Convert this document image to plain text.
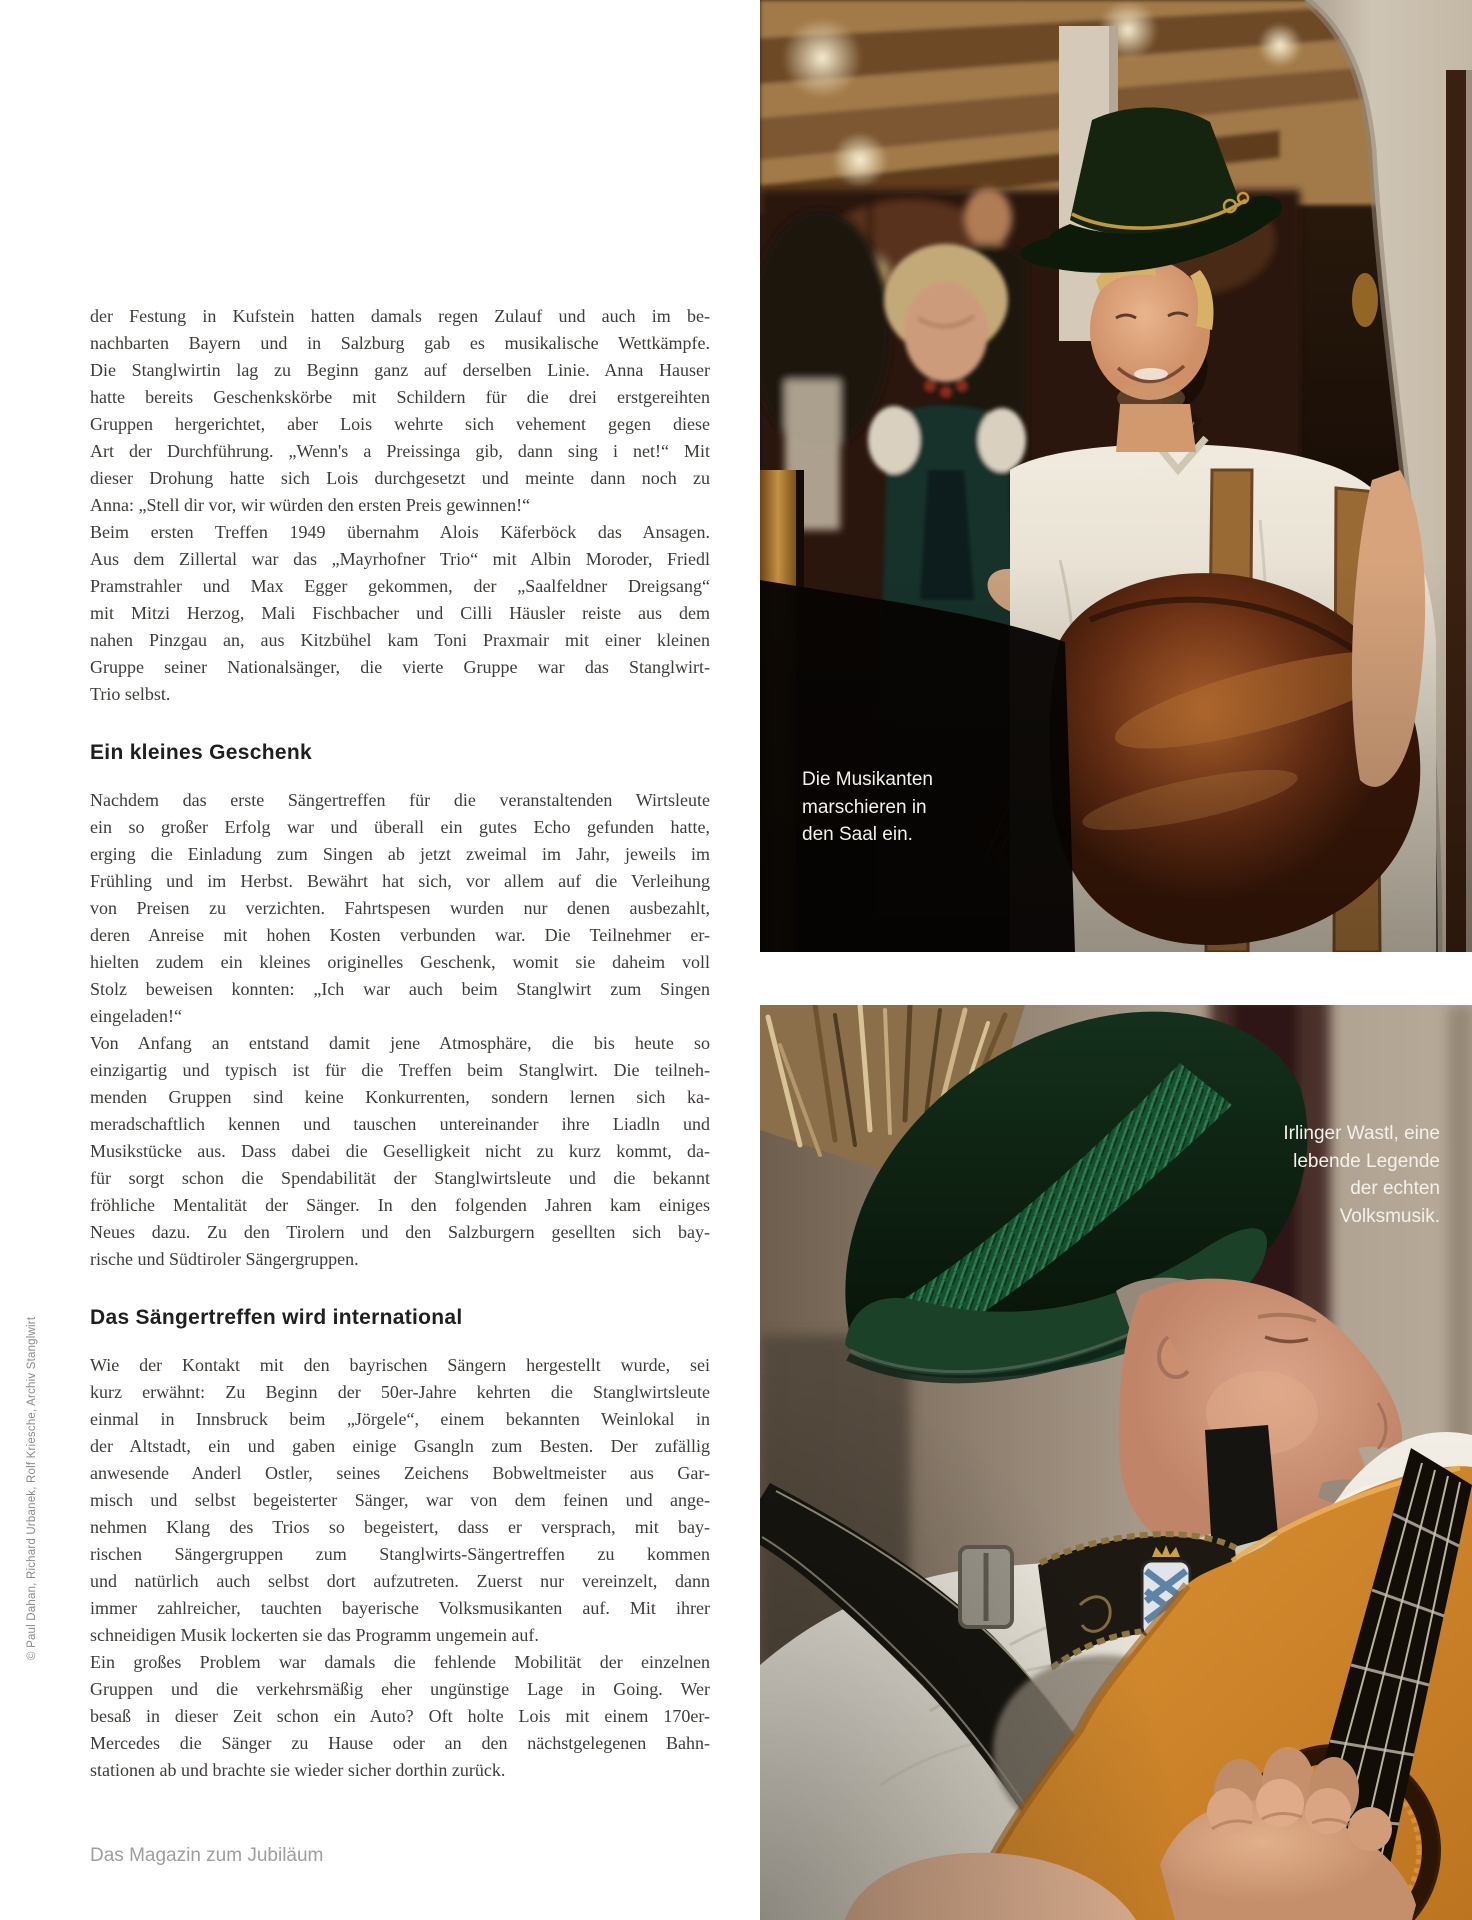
der Festung in Kufstein hatten damals regen Zulauf und auch im be-
nachbarten Bayern und in Salzburg gab es musikalische Wettkämpfe.
Die Stanglwirtin lag zu Beginn ganz auf derselben Linie. Anna Hauser
hatte bereits Geschenkskörbe mit Schildern für die drei erstgereihten
Gruppen hergerichtet, aber Lois wehrte sich vehement gegen diese
Art der Durchführung. „Wenn's a Preissinga gib, dann sing i net!“ Mit
dieser Drohung hatte sich Lois durchgesetzt und meinte dann noch zu
Anna: „Stell dir vor, wir würden den ersten Preis gewinnen!“
Beim ersten Treffen 1949 übernahm Alois Käferböck das Ansagen.
Aus dem Zillertal war das „Mayrhofner Trio“ mit Albin Moroder, Friedl
Pramstrahler und Max Egger gekommen, der „Saalfeldner Dreigsang“
mit Mitzi Herzog, Mali Fischbacher und Cilli Häusler reiste aus dem
nahen Pinzgau an, aus Kitzbühel kam Toni Praxmair mit einer kleinen
Gruppe seiner Nationalsänger, die vierte Gruppe war das Stanglwirt-
Trio selbst.
Ein kleines Geschenk
Nachdem das erste Sängertreffen für die veranstaltenden Wirtsleute
ein so großer Erfolg war und überall ein gutes Echo gefunden hatte,
erging die Einladung zum Singen ab jetzt zweimal im Jahr, jeweils im
Frühling und im Herbst. Bewährt hat sich, vor allem auf die Verleihung
von Preisen zu verzichten. Fahrtspesen wurden nur denen ausbezahlt,
deren Anreise mit hohen Kosten verbunden war. Die Teilnehmer er-
hielten zudem ein kleines originelles Geschenk, womit sie daheim voll
Stolz beweisen konnten: „Ich war auch beim Stanglwirt zum Singen
eingeladen!“
Von Anfang an entstand damit jene Atmosphäre, die bis heute so
einzigartig und typisch ist für die Treffen beim Stanglwirt. Die teilneh-
menden Gruppen sind keine Konkurrenten, sondern lernen sich ka-
meradschaftlich kennen und tauschen untereinander ihre Liadln und
Musikstücke aus. Dass dabei die Geselligkeit nicht zu kurz kommt, da-
für sorgt schon die Spendabilität der Stanglwirtsleute und die bekannt
fröhliche Mentalität der Sänger. In den folgenden Jahren kam einiges
Neues dazu. Zu den Tirolern und den Salzburgern gesellten sich bay-
rische und Südtiroler Sängergruppen.
Das Sängertreffen wird international
Wie der Kontakt mit den bayrischen Sängern hergestellt wurde, sei
kurz erwähnt: Zu Beginn der 50er-Jahre kehrten die Stanglwirtsleute
einmal in Innsbruck beim „Jörgele“, einem bekannten Weinlokal in
der Altstadt, ein und gaben einige Gsangln zum Besten. Der zufällig
anwesende Anderl Ostler, seines Zeichens Bobweltmeister aus Gar-
misch und selbst begeisterter Sänger, war von dem feinen und ange-
nehmen Klang des Trios so begeistert, dass er versprach, mit bay-
rischen Sängergruppen zum Stanglwirts-Sängertreffen zu kommen
und natürlich auch selbst dort aufzutreten. Zuerst nur vereinzelt, dann
immer zahlreicher, tauchten bayerische Volksmusikanten auf. Mit ihrer
schneidigen Musik lockerten sie das Programm ungemein auf.
Ein großes Problem war damals die fehlende Mobilität der einzelnen
Gruppen und die verkehrsmäßig eher ungünstige Lage in Going. Wer
besaß in dieser Zeit schon ein Auto? Oft holte Lois mit einem 170er-
Mercedes die Sänger zu Hause oder an den nächstgelegenen Bahn-
stationen ab und brachte sie wieder sicher dorthin zurück.
Die Musikanten
marschieren in
den Saal ein.
Irlinger Wastl, eine
lebende Legende
der echten
Volksmusik.
Das Magazin zum Jubiläum
© Paul Dahan, Richard Urbanek, Rolf Kriesche, Archiv Stanglwirt
